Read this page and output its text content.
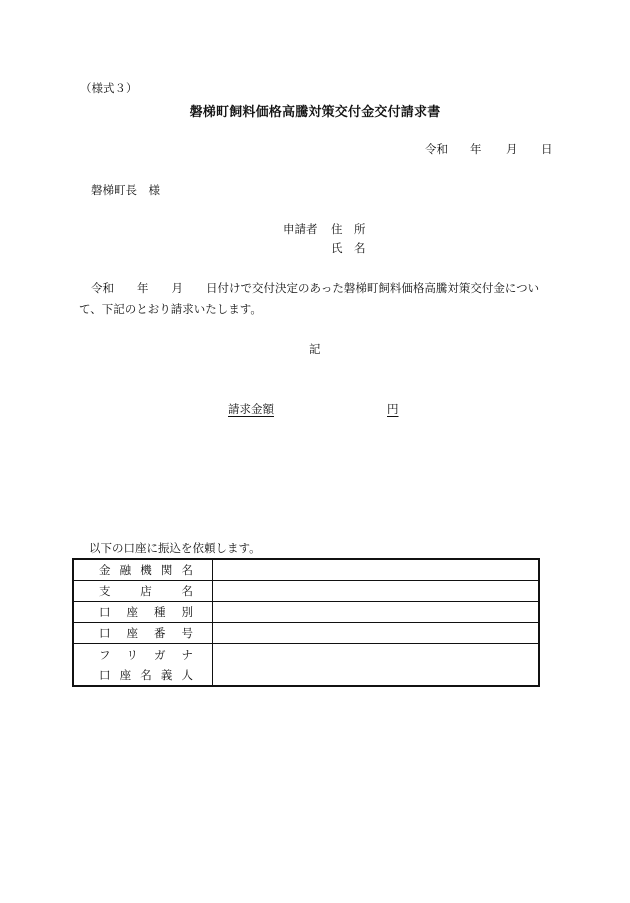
（様式３）
磐梯町飼料価格高騰対策交付金交付請求書
令和 年 月 日
磐梯町長　様
申請者 住　所
氏　名
令和　　年　　月　　日付けで交付決定のあった磐梯町飼料価格高騰対策交付金につい
て、下記のとおり請求いたします。
記
請求金額	円
以下の口座に振込を依頼します。
金 融 機 関 名
支	店	名
口 座 種 別
口 座 番 号
フ リ ガ ナ
口 座 名 義 人
